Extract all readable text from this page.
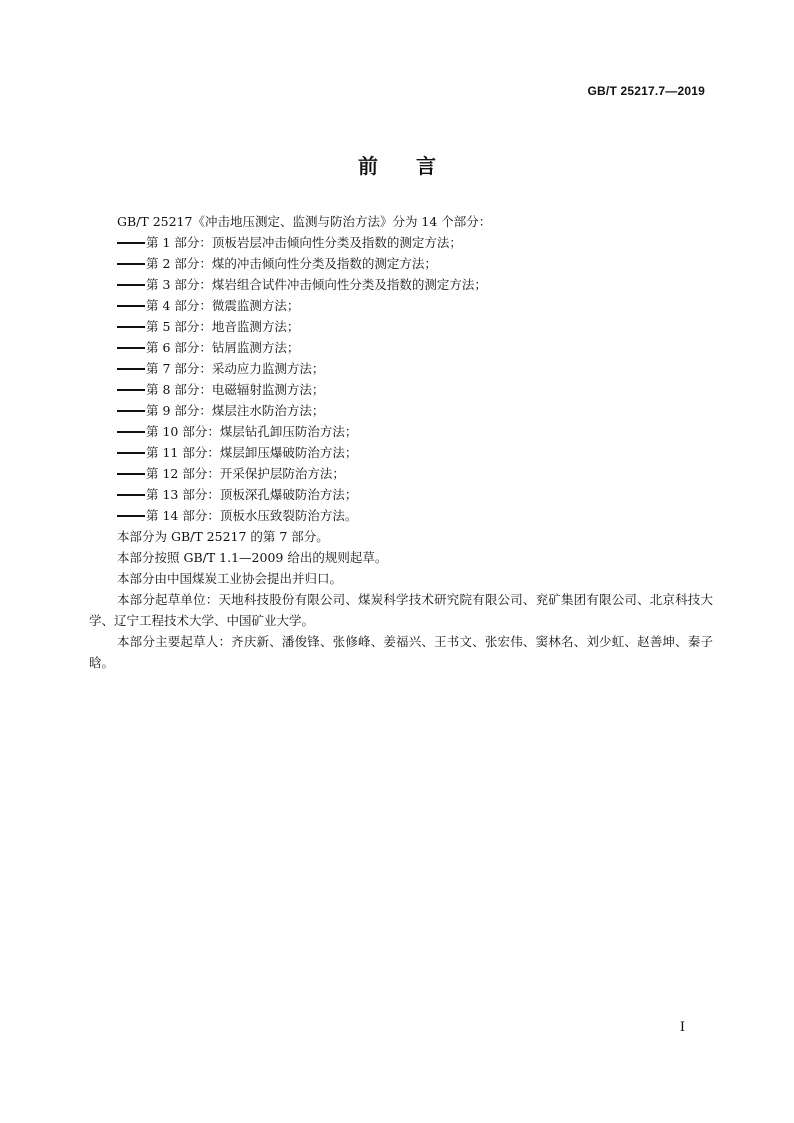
GB/T 25217.7—2019
前言

GB/T 25217《冲击地压测定、监测与防治方法》分为 14 个部分：

第 1 部分：顶板岩层冲击倾向性分类及指数的测定方法；

第 2 部分：煤的冲击倾向性分类及指数的测定方法；

第 3 部分：煤岩组合试件冲击倾向性分类及指数的测定方法；

第 4 部分：微震监测方法；

第 5 部分：地音监测方法；

第 6 部分：钻屑监测方法；

第 7 部分：采动应力监测方法；

第 8 部分：电磁辐射监测方法；

第 9 部分：煤层注水防治方法；

第 10 部分：煤层钻孔卸压防治方法；

第 11 部分：煤层卸压爆破防治方法；

第 12 部分：开采保护层防治方法；

第 13 部分：顶板深孔爆破防治方法；

第 14 部分：顶板水压致裂防治方法。

本部分为 GB/T 25217 的第 7 部分。

本部分按照 GB/T 1.1—2009 给出的规则起草。

本部分由中国煤炭工业协会提出并归口。

本部分起草单位：天地科技股份有限公司、煤炭科学技术研究院有限公司、兖矿集团有限公司、北京科技大学、辽宁工程技术大学、中国矿业大学。

本部分主要起草人：齐庆新、潘俊锋、张修峰、姜福兴、王书文、张宏伟、窦林名、刘少虹、赵善坤、秦子晗。

I
